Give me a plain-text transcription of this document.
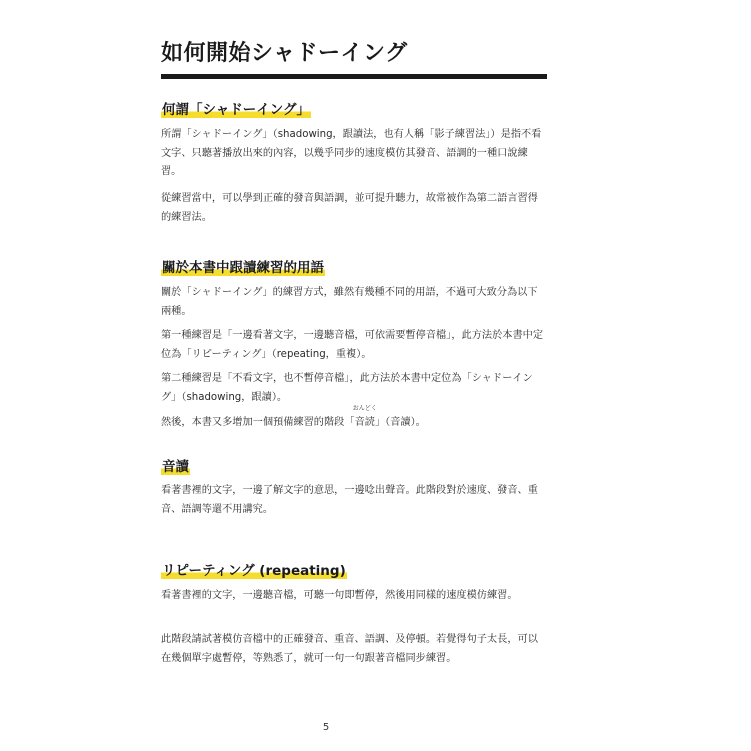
如何開始シャドーイング
何謂「シャドーイング」

所謂「シャドーイング」（shadowing，跟讀法，也有人稱「影子練習法」）是指不看文字、只聽著播放出來的內容，以幾乎同步的速度模仿其發音、語調的一種口說練習。

從練習當中，可以學到正確的發音與語調，並可提升聽力，故常被作為第二語言習得的練習法。

關於本書中跟讀練習的用語

關於「シャドーイング」的練習方式，雖然有幾種不同的用語，不過可大致分為以下兩種。

第一種練習是「一邊看著文字，一邊聽音檔，可依需要暫停音檔」，此方法於本書中定位為「リピーティング」（repeating，重複）。

第二種練習是「不看文字，也不暫停音檔」，此方法於本書中定位為「シャドーイング」（shadowing，跟讀）。

然後，本書又多增加一個預備練習的階段「
おんどく
音読」（音讀）。

音讀

看著書裡的文字，一邊了解文字的意思，一邊唸出聲音。此階段對於速度、發音、重音、語調等還不用講究。

リピーティング (repeating)

看著書裡的文字，一邊聽音檔，可聽一句即暫停，然後用同樣的速度模仿練習。

此階段請試著模仿音檔中的正確發音、重音、語調、及停頓。若覺得句子太長，可以在幾個單字處暫停，等熟悉了，就可一句一句跟著音檔同步練習。

5
